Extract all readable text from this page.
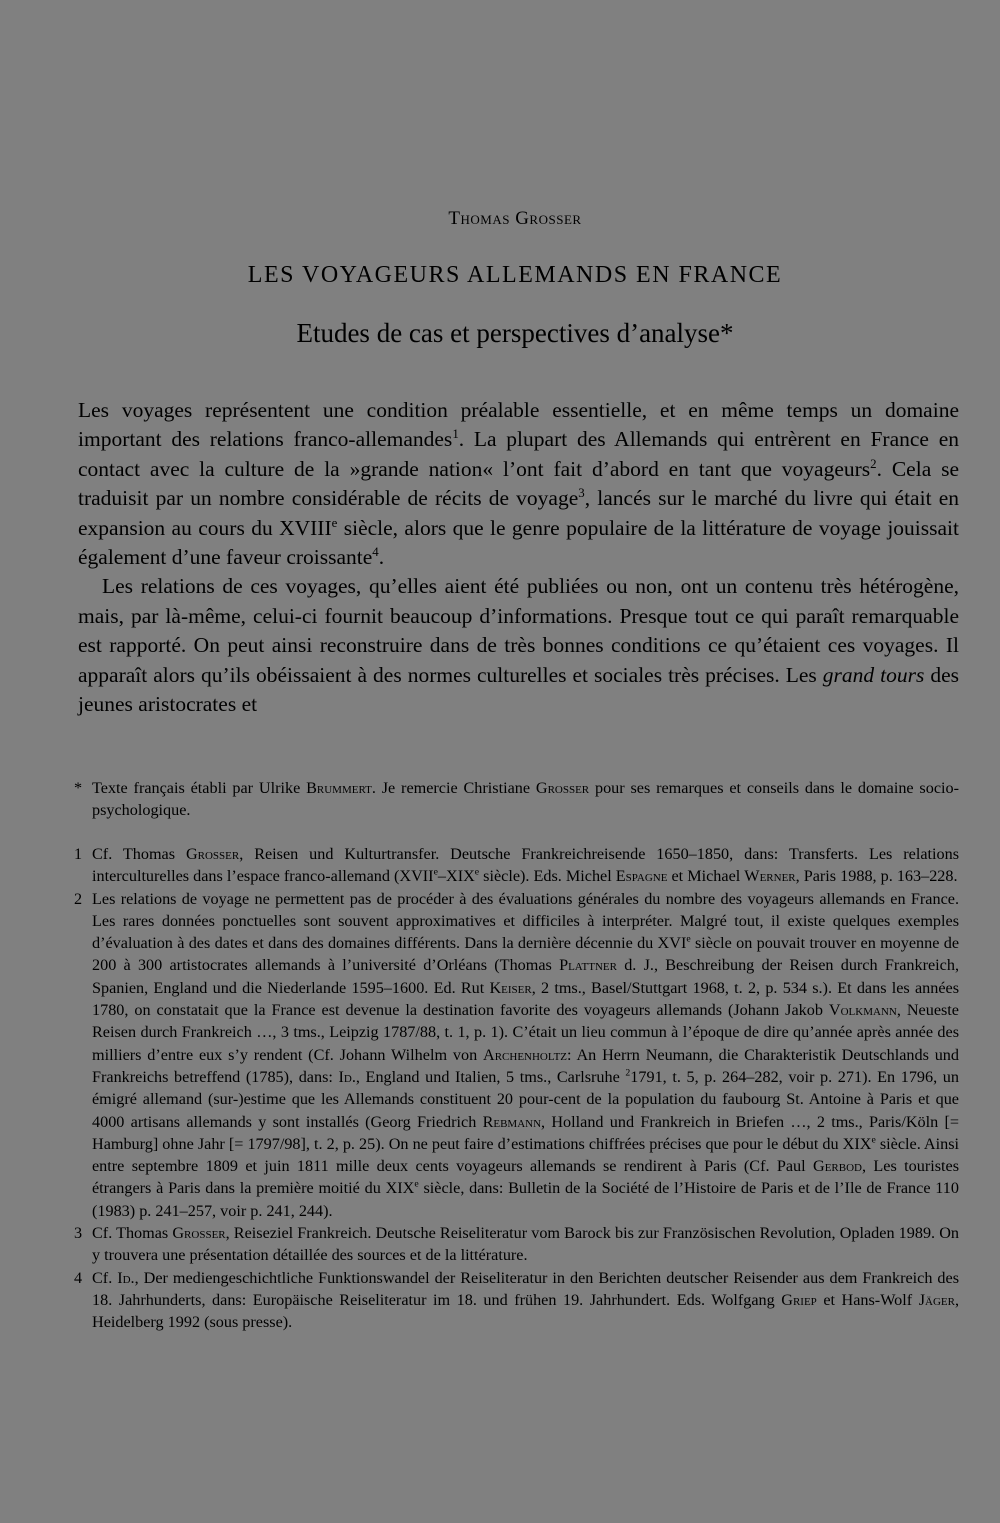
Thomas Grosser
LES VOYAGEURS ALLEMANDS EN FRANCE
Etudes de cas et perspectives d’analyse*

Les voyages représentent une condition préalable essentielle, et en même temps un domaine important des relations franco-allemandes$^1$. La plupart des Allemands qui entrèrent en France en contact avec la culture de la »grande nation« l’ont fait d’abord en tant que voyageurs$^2$. Cela se traduisit par un nombre considérable de récits de voyage$^3$, lancés sur le marché du livre qui était en expansion au cours du XVIIIe siècle, alors que le genre populaire de la littérature de voyage jouissait également d’une faveur croissante$^4$.

Les relations de ces voyages, qu’elles aient été publiées ou non, ont un contenu très hétérogène, mais, par là-même, celui-ci fournit beaucoup d’informations. Presque tout ce qui paraît remarquable est rapporté. On peut ainsi reconstruire dans de très bonnes conditions ce qu’étaient ces voyages. Il apparaît alors qu’ils obéissaient à des normes culturelles et sociales très précises. Les grand tours des jeunes aristocrates et

* Texte français établi par Ulrike Brummert. Je remercie Christiane Grosser pour ses remarques et conseils dans le domaine socio-psychologique.
1 Cf. Thomas Grosser, Reisen und Kulturtransfer. Deutsche Frankreichreisende 1650–1850, dans: Transferts. Les relations interculturelles dans l’espace franco-allemand (XVIIe–XIXe siècle). Eds. Michel Espagne et Michael Werner, Paris 1988, p. 163–228.
2 Les relations de voyage ne permettent pas de procéder à des évaluations générales du nombre des voyageurs allemands en France. Les rares données ponctuelles sont souvent approximatives et difficiles à interpréter. Malgré tout, il existe quelques exemples d’évaluation à des dates et dans des domaines différents. Dans la dernière décennie du XVIe siècle on pouvait trouver en moyenne de 200 à 300 artistocrates allemands à l’université d’Orléans (Thomas Plattner d. J., Beschreibung der Reisen durch Frankreich, Spanien, England und die Niederlande 1595–1600. Ed. Rut Keiser, 2 tms., Basel/Stuttgart 1968, t. 2, p. 534 s.). Et dans les années 1780, on constatait que la France est devenue la destination favorite des voyageurs allemands (Johann Jakob Volkmann, Neueste Reisen durch Frankreich …, 3 tms., Leipzig 1787/88, t. 1, p. 1). C’était un lieu commun à l’époque de dire qu’année après année des milliers d’entre eux s’y rendent (Cf. Johann Wilhelm von Archenholtz: An Herrn Neumann, die Charakteristik Deutschlands und Frankreichs betreffend (1785), dans: Id., England und Italien, 5 tms., Carlsruhe $^2$1791, t. 5, p. 264–282, voir p. 271). En 1796, un émigré allemand (sur-)estime que les Allemands constituent 20 pour-cent de la population du faubourg St. Antoine à Paris et que 4000 artisans allemands y sont installés (Georg Friedrich Rebmann, Holland und Frankreich in Briefen …, 2 tms., Paris/Köln [= Hamburg] ohne Jahr [= 1797/98], t. 2, p. 25). On ne peut faire d’estimations chiffrées précises que pour le début du XIXe siècle. Ainsi entre septembre 1809 et juin 1811 mille deux cents voyageurs allemands se rendirent à Paris (Cf. Paul Gerbod, Les touristes étrangers à Paris dans la première moitié du XIXe siècle, dans: Bulletin de la Société de l’Histoire de Paris et de l’Ile de France 110 (1983) p. 241–257, voir p. 241, 244).
3 Cf. Thomas Grosser, Reiseziel Frankreich. Deutsche Reiseliteratur vom Barock bis zur Französischen Revolution, Opladen 1989. On y trouvera une présentation détaillée des sources et de la littérature.
4 Cf. Id., Der mediengeschichtliche Funktionswandel der Reiseliteratur in den Berichten deutscher Reisender aus dem Frankreich des 18. Jahrhunderts, dans: Europäische Reiseliteratur im 18. und frühen 19. Jahrhundert. Eds. Wolfgang Griep et Hans-Wolf Jäger, Heidelberg 1992 (sous presse).
